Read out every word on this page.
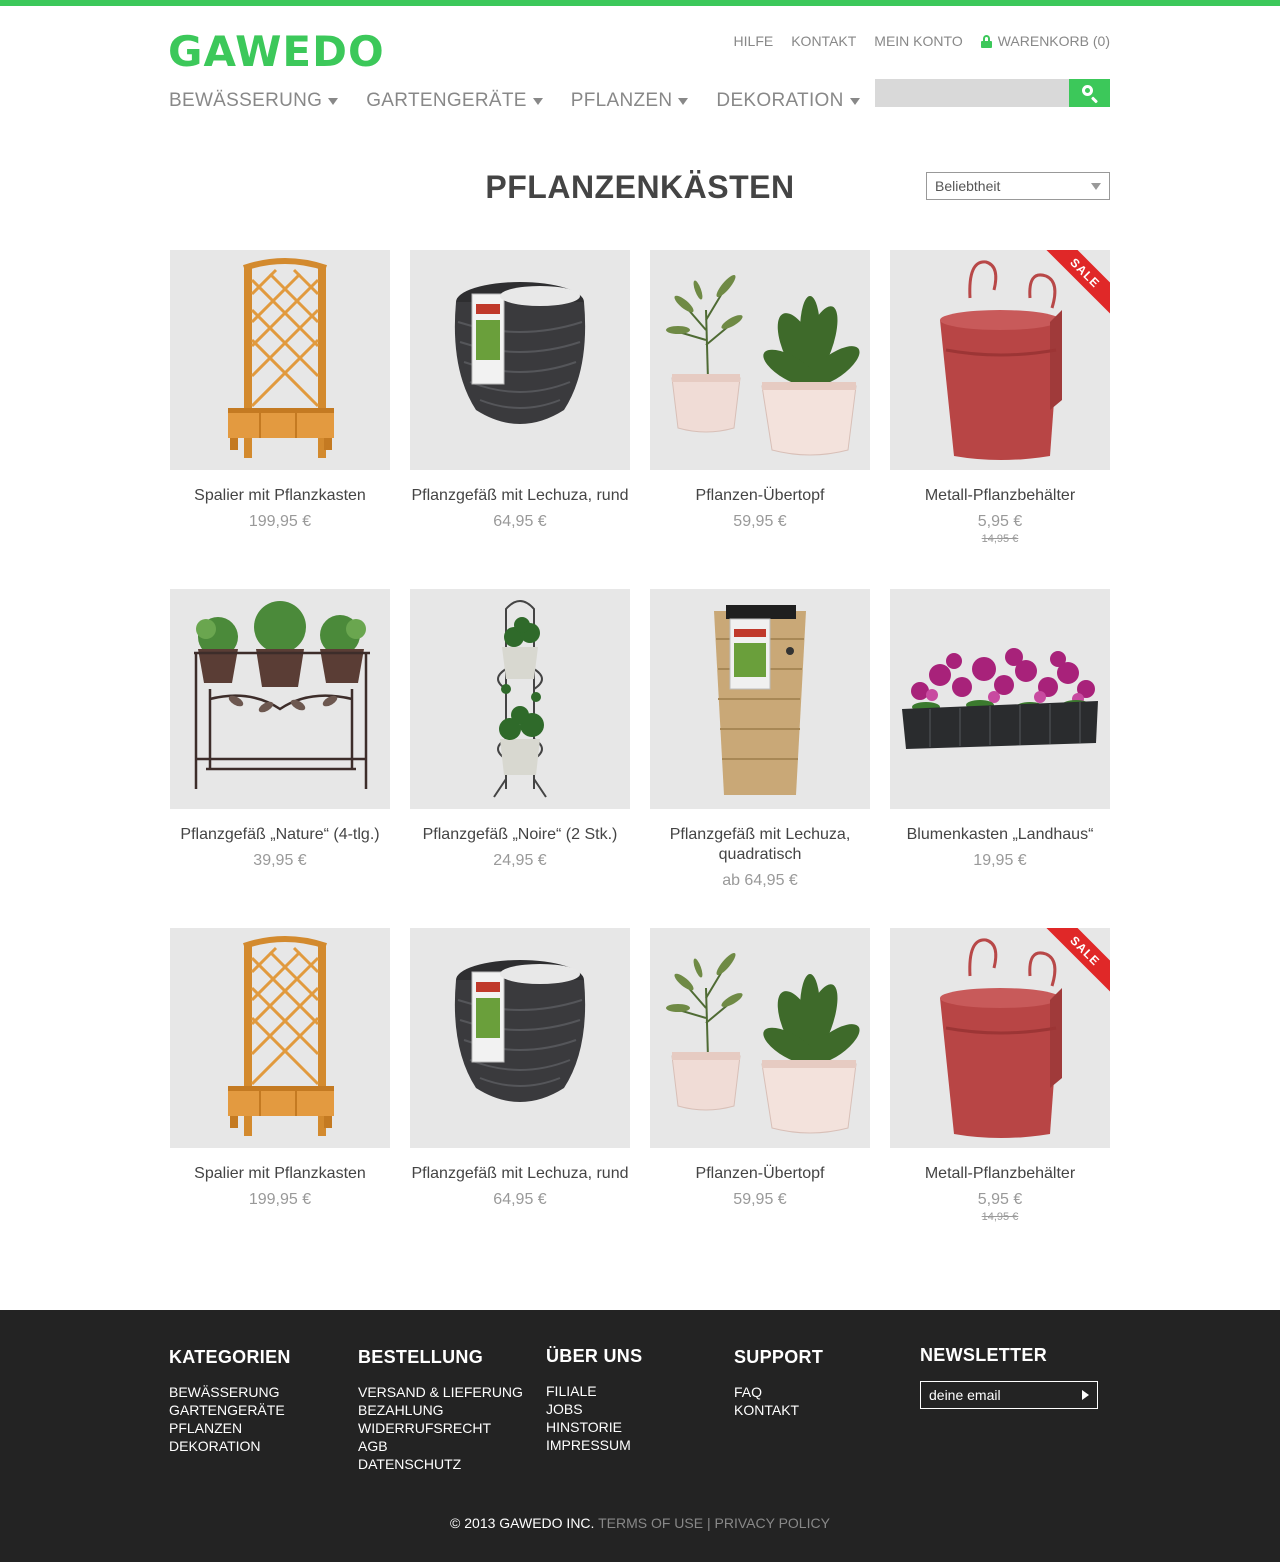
GAWEDO	HILFE KONTAKT MEIN KONTO	WARENKORB (0)
BEWÄSSERUNG GARTENGERÄTE PFLANZEN DEKORATION
PFLANZENKÄSTEN	Beliebtheit
Spalier mit Pflanzkasten
199,95 €
Pflanzgefäß mit Lechuza, rund
64,95 €
Pflanzen-Übertopf
59,95 €
SALE
Metall-Pflanzbehälter
5,95 €
14,95 €
Pflanzgefäß „Nature“ (4-tlg.)
39,95 €
Pflanzgefäß „Noire“ (2 Stk.)
24,95 €
Pflanzgefäß mit Lechuza, quadratisch
ab 64,95 €
Blumenkasten „Landhaus“
19,95 €
Spalier mit Pflanzkasten
199,95 €
Pflanzgefäß mit Lechuza, rund
64,95 €
Pflanzen-Übertopf
59,95 €
SALE
Metall-Pflanzbehälter
5,95 €
14,95 €
KATEGORIEN
BEWÄSSERUNG
GARTENGERÄTE
PFLANZEN
DEKORATION
BESTELLUNG
VERSAND & LIEFERUNG
BEZAHLUNG
WIDERRUFSRECHT
AGB
DATENSCHUTZ
ÜBER UNS
FILIALE
JOBS
HINSTORIE
IMPRESSUM
SUPPORT
FAQ
KONTAKT
NEWSLETTER
deine email
© 2013 GAWEDO INC. TERMS OF USE | PRIVACY POLICY
